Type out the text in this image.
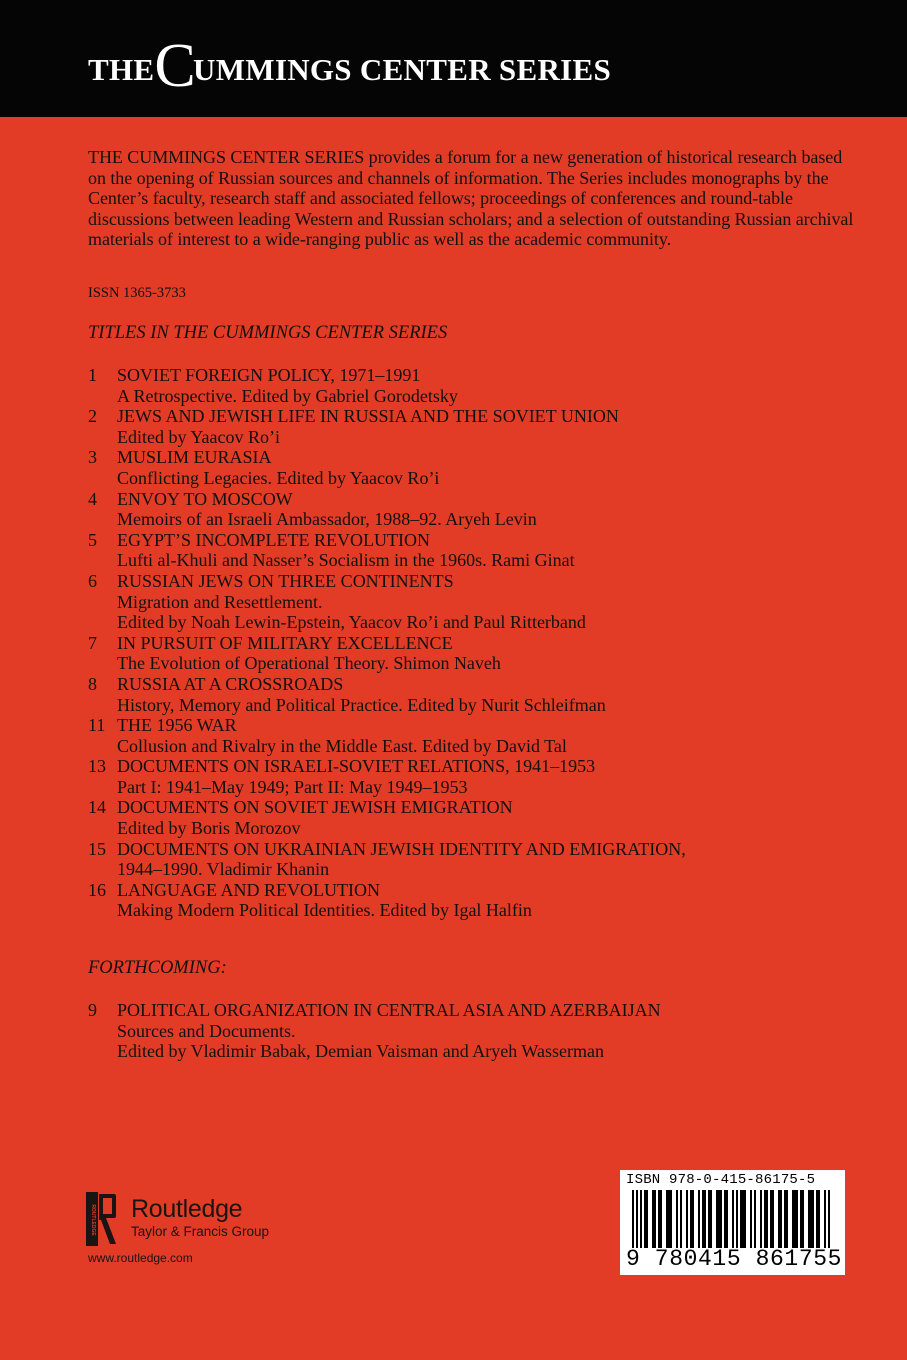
THECUMMINGS CENTER SERIES

THE CUMMINGS CENTER SERIES provides a forum for a new generation of historical research based on the opening of Russian sources and channels of information. The Series includes monographs by the Center’s faculty, research staff and associated fellows; proceedings of conferences and round-table discussions between leading Western and Russian scholars; and a selection of outstanding Russian archival materials of interest to a wide-ranging public as well as the academic community.

ISSN 1365-3733
TITLES IN THE CUMMINGS CENTER SERIES
1	SOVIET FOREIGN POLICY, 1971–1991
A Retrospective. Edited by Gabriel Gorodetsky
2	JEWS AND JEWISH LIFE IN RUSSIA AND THE SOVIET UNION
Edited by Yaacov Ro’i
3	MUSLIM EURASIA
Conflicting Legacies. Edited by Yaacov Ro’i
4	ENVOY TO MOSCOW
Memoirs of an Israeli Ambassador, 1988–92. Aryeh Levin
5	EGYPT’S INCOMPLETE REVOLUTION
Lufti al-Khuli and Nasser’s Socialism in the 1960s. Rami Ginat
6	RUSSIAN JEWS ON THREE CONTINENTS
Migration and Resettlement.
Edited by Noah Lewin-Epstein, Yaacov Ro’i and Paul Ritterband
7	IN PURSUIT OF MILITARY EXCELLENCE
The Evolution of Operational Theory. Shimon Naveh
8	RUSSIA AT A CROSSROADS
History, Memory and Political Practice. Edited by Nurit Schleifman
11 THE 1956 WAR
Collusion and Rivalry in the Middle East. Edited by David Tal
13 DOCUMENTS ON ISRAELI-SOVIET RELATIONS, 1941–1953
Part I: 1941–May 1949; Part II: May 1949–1953
14 DOCUMENTS ON SOVIET JEWISH EMIGRATION
Edited by Boris Morozov
15 DOCUMENTS ON UKRAINIAN JEWISH IDENTITY AND EMIGRATION,
1944–1990. Vladimir Khanin
16 LANGUAGE AND REVOLUTION
Making Modern Political Identities. Edited by Igal Halfin
FORTHCOMING:
9	POLITICAL ORGANIZATION IN CENTRAL ASIA AND AZERBAIJAN
Sources and Documents.
Edited by Vladimir Babak, Demian Vaisman and Aryeh Wasserman
ROUTLEDGE Routledge
Taylor & Francis Group
www.routledge.com
ISBN 978-0-415-86175-5
9 780415 861755
